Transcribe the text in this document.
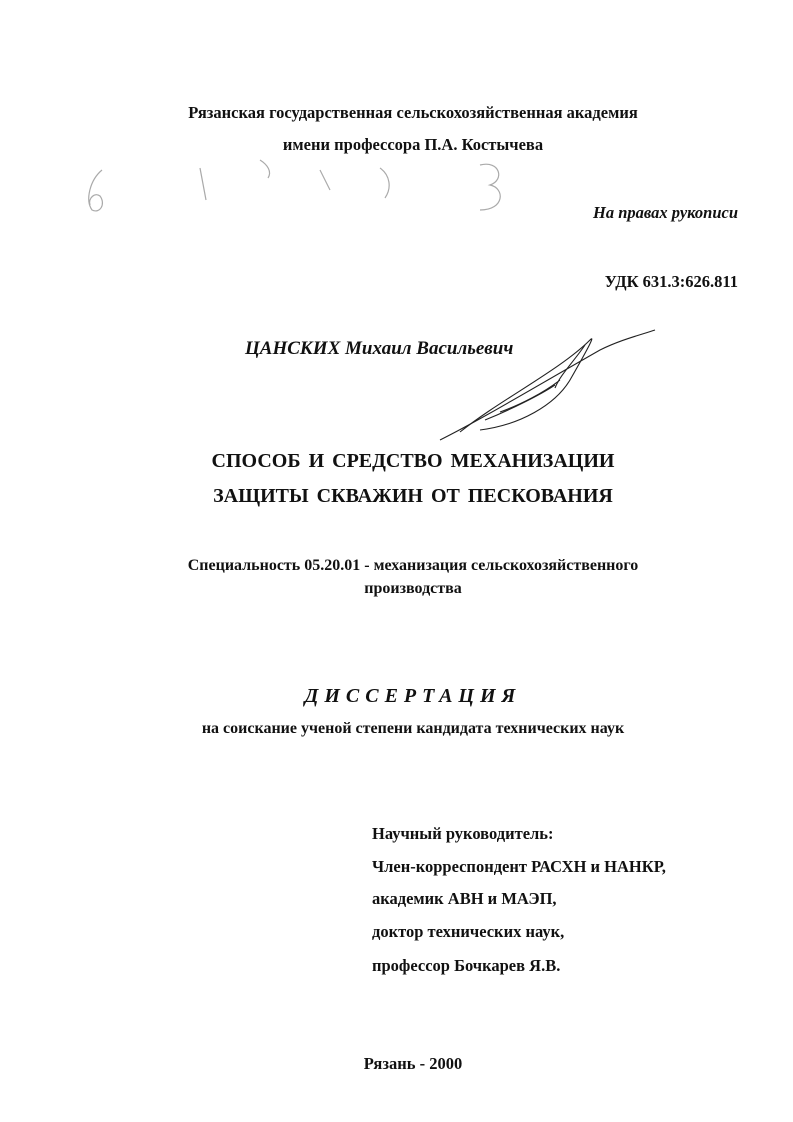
Рязанская государственная сельскохозяйственная академия
имени профессора П.А. Костычева
На правах рукописи
УДК 631.3:626.811
ЦАНСКИХ Михаил Васильевич
СПОСОБ И СРЕДСТВО МЕХАНИЗАЦИИ
ЗАЩИТЫ СКВАЖИН ОТ ПЕСКОВАНИЯ
Специальность 05.20.01 - механизация сельскохозяйственного
производства
ДИССЕРТАЦИЯ
на соискание ученой степени кандидата технических наук
Научный руководитель:
Член-корреспондент РАСХН и НАНКР,
академик АВН и МАЭП,
доктор технических наук,
профессор Бочкарев Я.В.
Рязань - 2000
